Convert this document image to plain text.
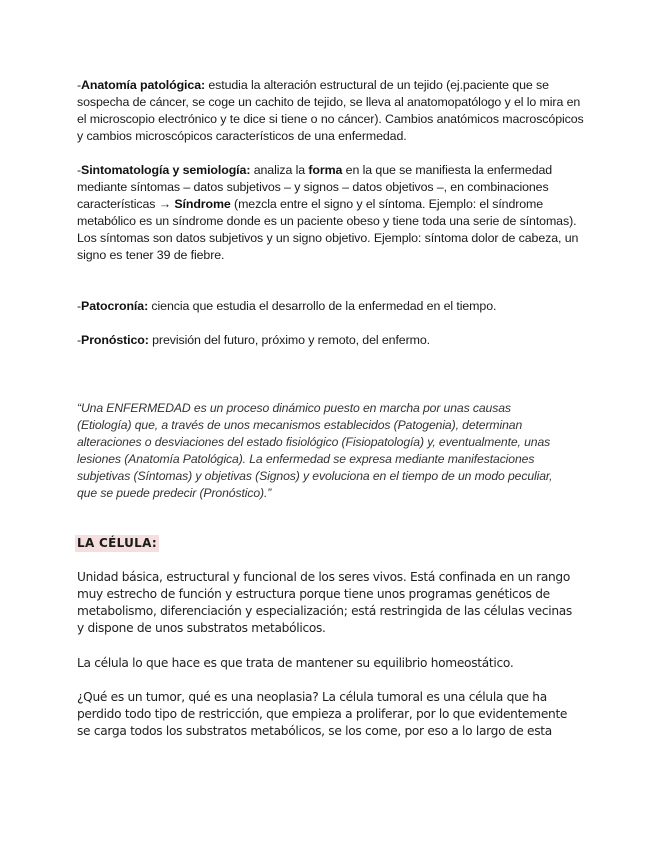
-Anatomía patológica: estudia la alteración estructural de un tejido (ej.paciente que se sospecha de cáncer, se coge un cachito de tejido, se lleva al anatomopatólogo y el lo mira en el microscopio electrónico y te dice si tiene o no cáncer). Cambios anatómicos macroscópicos y cambios microscópicos característicos de una enfermedad.

-Sintomatología y semiología: analiza la forma en la que se manifiesta la enfermedad mediante síntomas – datos subjetivos – y signos – datos objetivos –, en combinaciones características → Síndrome (mezcla entre el signo y el síntoma. Ejemplo: el síndrome metabólico es un síndrome donde es un paciente obeso y tiene toda una serie de síntomas).
Los síntomas son datos subjetivos y un signo objetivo. Ejemplo: síntoma dolor de cabeza, un signo es tener 39 de fiebre.

-Patocronía: ciencia que estudia el desarrollo de la enfermedad en el tiempo.

-Pronóstico: previsión del futuro, próximo y remoto, del enfermo.

“Una ENFERMEDAD es un proceso dinámico puesto en marcha por unas causas (Etiología) que, a través de unos mecanismos establecidos (Patogenia), determinan alteraciones o desviaciones del estado fisiológico (Fisiopatología) y, eventualmente, unas lesiones (Anatomía Patológica). La enfermedad se expresa mediante manifestaciones subjetivas (Síntomas) y objetivas (Signos) y evoluciona en el tiempo de un modo peculiar, que se puede predecir (Pronóstico).”

LA CÉLULA:

Unidad básica, estructural y funcional de los seres vivos. Está confinada en un rango muy estrecho de función y estructura porque tiene unos programas genéticos de metabolismo, diferenciación y especialización; está restringida de las células vecinas y dispone de unos substratos metabólicos.

La célula lo que hace es que trata de mantener su equilibrio homeostático.

¿Qué es un tumor, qué es una neoplasia? La célula tumoral es una célula que ha perdido todo tipo de restricción, que empieza a proliferar, por lo que evidentemente se carga todos los substratos metabólicos, se los come, por eso a lo largo de esta
